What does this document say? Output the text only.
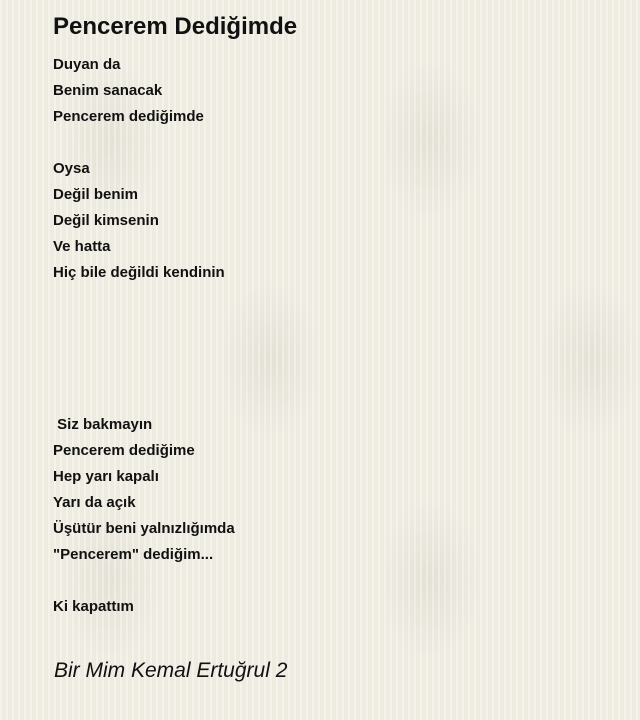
Pencerem Dediğimde
Duyan da
Benim sanacak
Pencerem dediğimde
Oysa
Değil benim
Değil kimsenin
Ve hatta
Hiç bile değildi kendinin
Siz bakmayın
Pencerem dediğime
Hep yarı kapalı
Yarı da açık
Üşütür beni yalnızlığımda
"Pencerem" dediğim...
Ki kapattım
Bir Mim Kemal Ertuğrul 2
